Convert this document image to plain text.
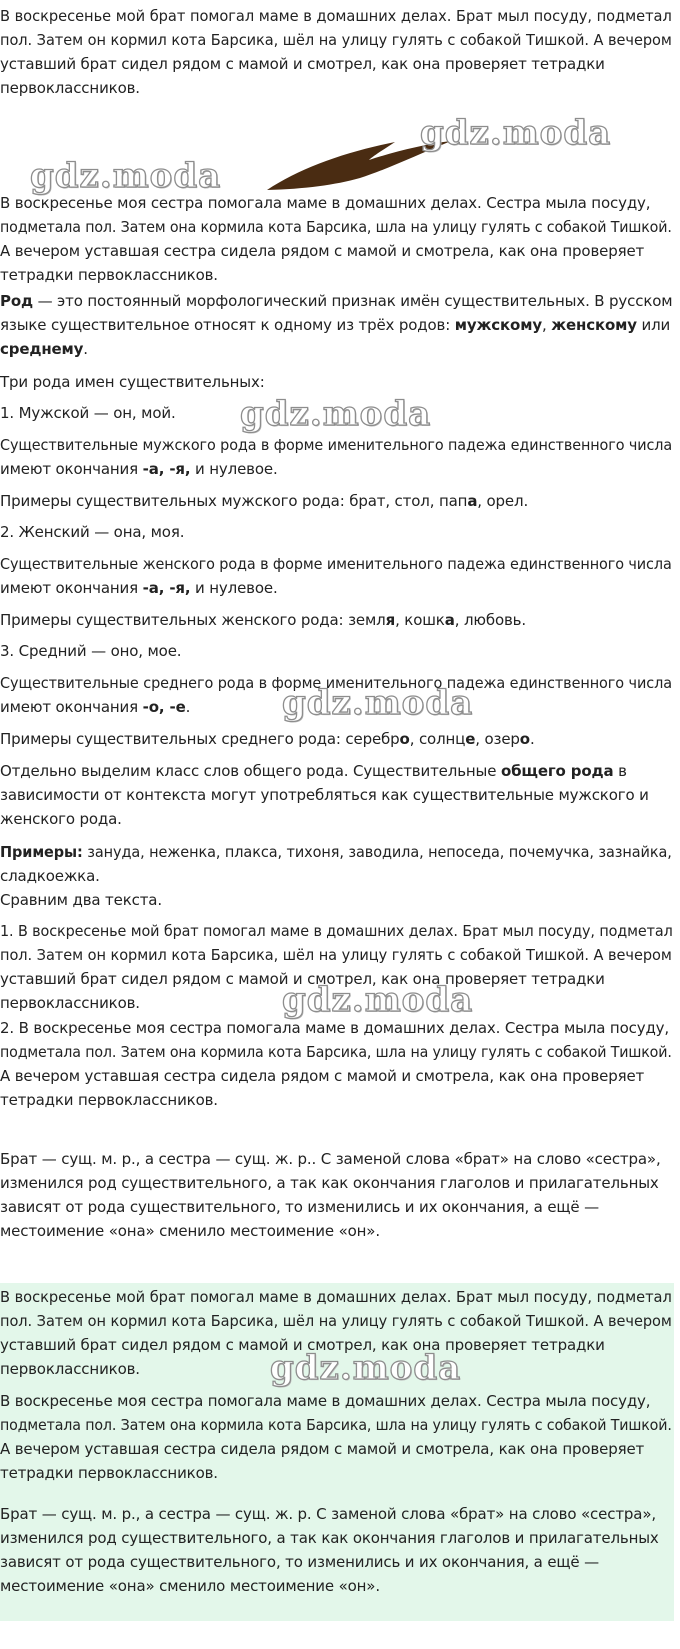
В воскресенье мой брат помогал маме в домашних делах. Брат мыл посуду, подметал
пол. Затем он кормил кота Барсика, шёл на улицу гулять с собакой Тишкой. А вечером
уставший брат сидел рядом с мамой и смотрел, как она проверяет тетрадки
первоклассников.
gdz.moda
gdz.moda
gdz.moda
gdz.moda
gdz.moda
В воскресенье моя сестра помогала маме в домашних делах. Сестра мыла посуду,
подметала пол. Затем она кормила кота Барсика, шла на улицу гулять с собакой Тишкой.
А вечером уставшая сестра сидела рядом с мамой и смотрела, как она проверяет
тетрадки первоклассников.
Род — это постоянный морфологический признак имён существительных. В русском
языке существительное относят к одному из трёх родов: мужскому, женскому или
среднему.
Три рода имен существительных:
1. Мужской — он, мой.
Существительные мужского рода в форме именительного падежа единственного числа
имеют окончания -а, -я, и нулевое.
Примеры существительных мужского рода: брат, стол, папа, орел.
2. Женский — она, моя.
Существительные женского рода в форме именительного падежа единственного числа
имеют окончания -а, -я, и нулевое.
Примеры существительных женского рода: земля, кошка, любовь.
3. Средний — оно, мое.
Существительные среднего рода в форме именительного падежа единственного числа
имеют окончания -о, -е.
Примеры существительных среднего рода: серебро, солнце, озеро.
Отдельно выделим класс слов общего рода. Существительные общего рода в
зависимости от контекста могут употребляться как существительные мужского и
женского рода.
Примеры: зануда, неженка, плакса, тихоня, заводила, непоседа, почемучка, зазнайка,
сладкоежка.
Сравним два текста.
1. В воскресенье мой брат помогал маме в домашних делах. Брат мыл посуду, подметал
пол. Затем он кормил кота Барсика, шёл на улицу гулять с собакой Тишкой. А вечером
уставший брат сидел рядом с мамой и смотрел, как она проверяет тетрадки
первоклассников.
2. В воскресенье моя сестра помогала маме в домашних делах. Сестра мыла посуду,
подметала пол. Затем она кормила кота Барсика, шла на улицу гулять с собакой Тишкой.
А вечером уставшая сестра сидела рядом с мамой и смотрела, как она проверяет
тетрадки первоклассников.
Брат — сущ. м. р., а сестра — сущ. ж. р.. С заменой слова «брат» на слово «сестра»,
изменился род существительного, а так как окончания глаголов и прилагательных
зависят от рода существительного, то изменились и их окончания, а ещё —
местоимение «она» сменило местоимение «он».
В воскресенье мой брат помогал маме в домашних делах. Брат мыл посуду, подметал
пол. Затем он кормил кота Барсика, шёл на улицу гулять с собакой Тишкой. А вечером
уставший брат сидел рядом с мамой и смотрел, как она проверяет тетрадки
первоклассников.	gdz.moda
В воскресенье моя сестра помогала маме в домашних делах. Сестра мыла посуду,
подметала пол. Затем она кормила кота Барсика, шла на улицу гулять с собакой Тишкой.
А вечером уставшая сестра сидела рядом с мамой и смотрела, как она проверяет
тетрадки первоклассников.
Брат — сущ. м. р., а сестра — сущ. ж. р. С заменой слова «брат» на слово «сестра»,
изменился род существительного, а так как окончания глаголов и прилагательных
зависят от рода существительного, то изменились и их окончания, а ещё —
местоимение «она» сменило местоимение «он».
